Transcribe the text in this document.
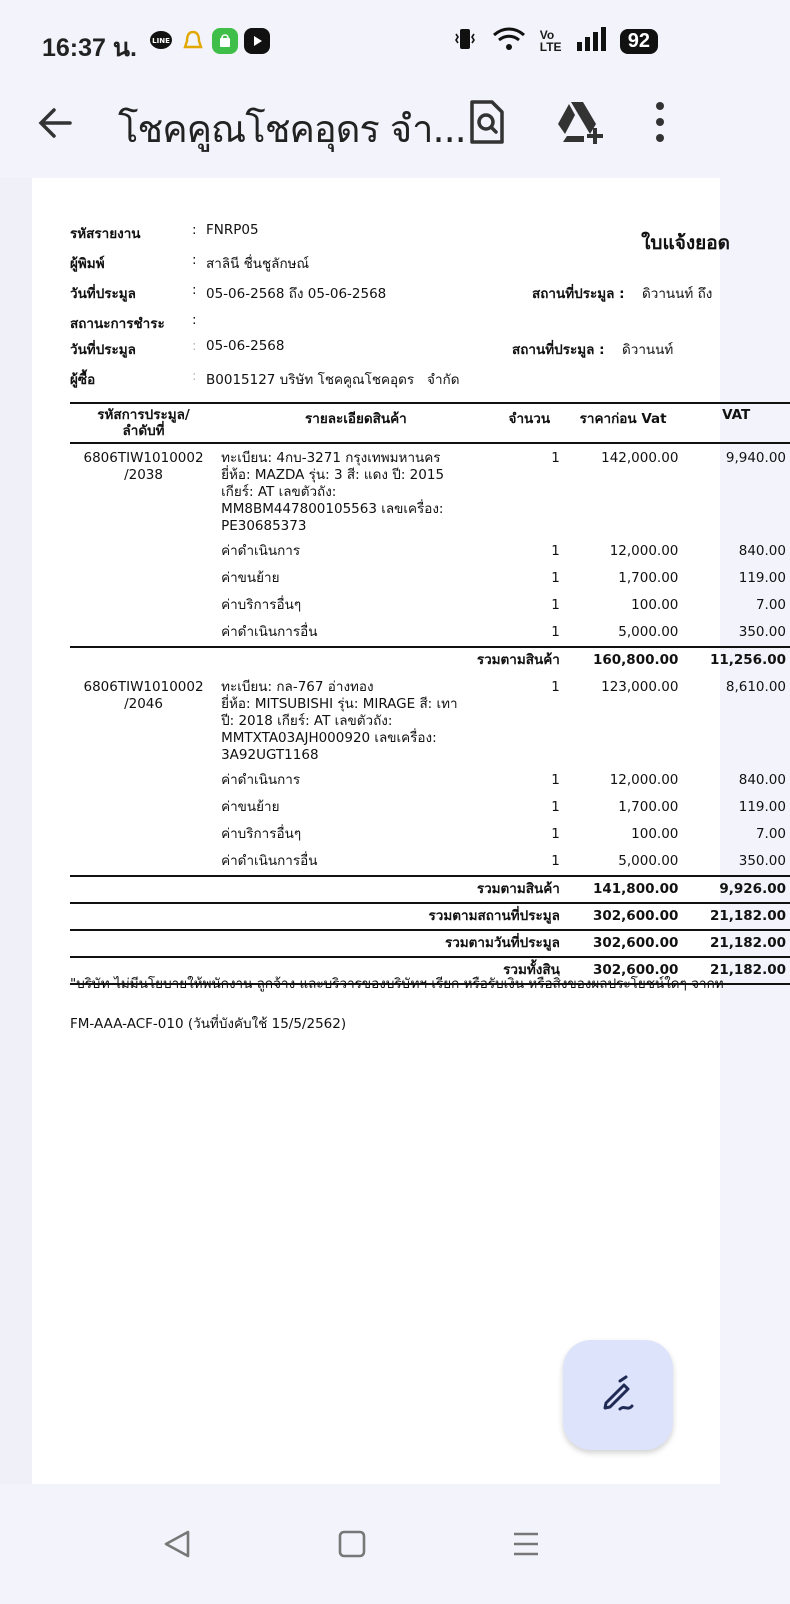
16:37 น. LINE	Vo LTE	92
โชคคูณโชคอุดร จำ...
รหัสรายงาน	: FNRP05
ใบแจ้งยอด
ผู้พิมพ์	: สาลินี ชื่นชูลักษณ์
วันที่ประมูล	: 05-06-2568 ถึง 05-06-2568	สถานที่ประมูล : ดิวานนท์ ถึง
สถานะการชำระ :
วันที่ประมูล	: 05-06-2568	สถานที่ประมูล : ดิวานนท์
ผู้ซื้อ	: B0015127 บริษัท โชคคูณโชคอุดร   จำกัด
รหัสการประมูล/
ลำดับที่	รายละเอียดสินค้า	จำนวน	ราคาก่อน Vat	VAT
6806TIW1010002
/2038	ทะเบียน: 4กบ-3271 กรุงเทพมหานคร
ยี่ห้อ: MAZDA รุ่น: 3 สี: แดง ปี: 2015
เกียร์: AT เลขตัวถัง:
MM8BM447800105563 เลขเครื่อง:
PE30685373	1	142,000.00	9,940.00
	ค่าดำเนินการ	1	12,000.00	840.00
	ค่าขนย้าย	1	1,700.00	119.00
	ค่าบริการอื่นๆ	1	100.00	7.00
	ค่าดำเนินการอื่น	1	5,000.00	350.00
	รวมตามสินค้า		160,800.00	11,256.00
6806TIW1010002
/2046	ทะเบียน: กล-767 อ่างทอง
ยี่ห้อ: MITSUBISHI รุ่น: MIRAGE สี: เทา
ปี: 2018 เกียร์: AT เลขตัวถัง:
MMTXTA03AJH000920 เลขเครื่อง:
3A92UGT1168	1	123,000.00	8,610.00
	ค่าดำเนินการ	1	12,000.00	840.00
	ค่าขนย้าย	1	1,700.00	119.00
	ค่าบริการอื่นๆ	1	100.00	7.00
	ค่าดำเนินการอื่น	1	5,000.00	350.00
	รวมตามสินค้า		141,800.00	9,926.00
	รวมตามสถานที่ประมูล		302,600.00	21,182.00
	รวมตามวันที่ประมูล		302,600.00	21,182.00
	รวมทั้งสิน		302,600.00	21,182.00

"บริษัท ไม่มีนโยบายให้พนักงาน ลูกจ้าง และบริวารของบริษัทฯ เรียก หรือรับเงิน หรือสิ่งของผลประโยชน์ใดๆ จากท
FM-AAA-ACF-010 (วันที่บังคับใช้ 15/5/2562)
